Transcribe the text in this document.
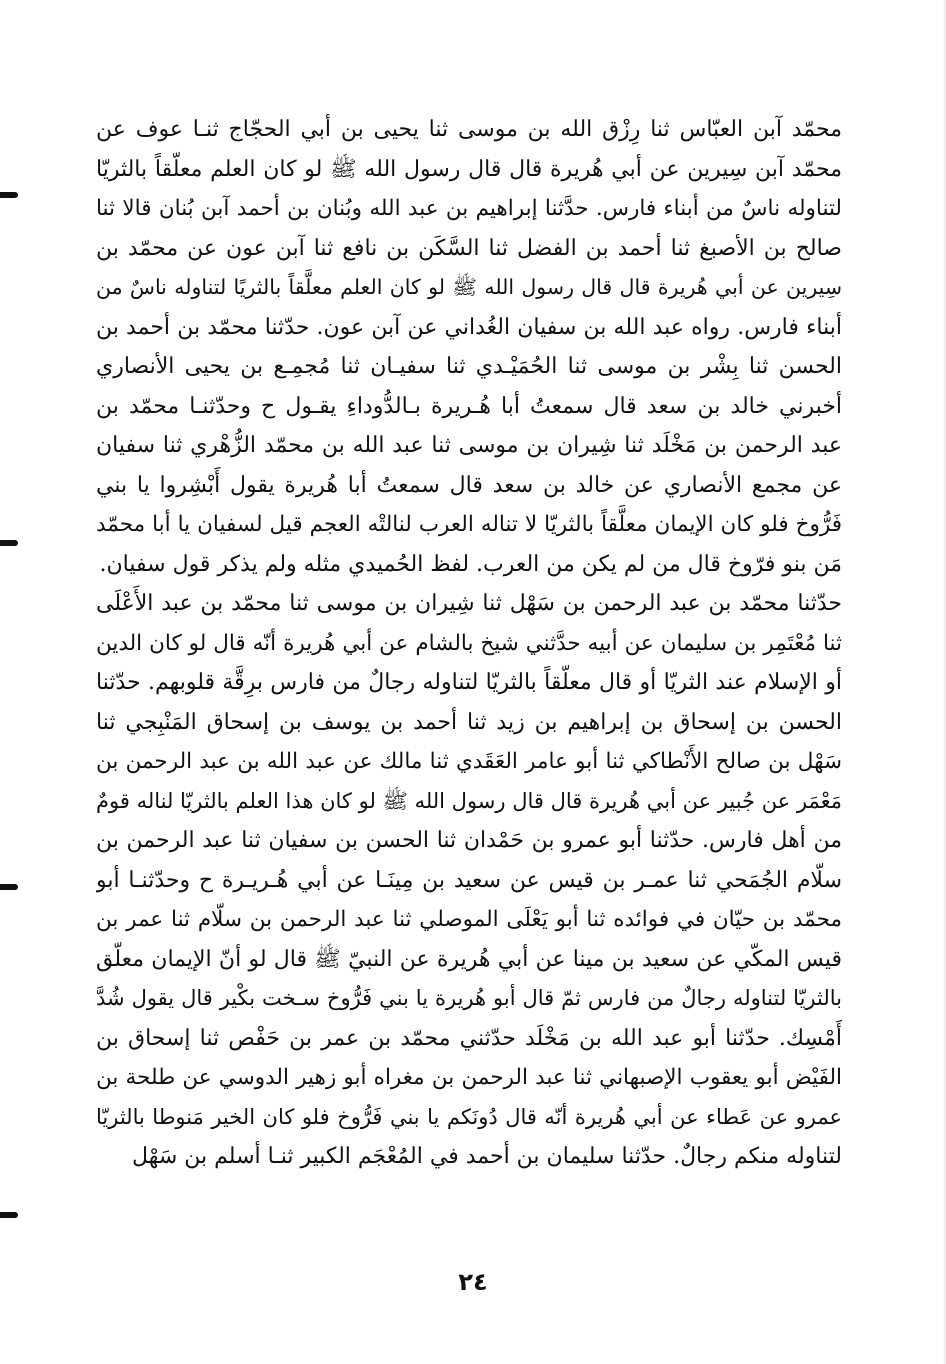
محمّد آبن العبّاس ثنا رِزْق الله بن موسى ثنا يحيى بن أبي الحجّاج ثنـا عوف عن
محمّد آبن سِيرين عن أبي هُريرة قال قال رسول الله ﷺ لو كان العلم معلّقاً بالثريّا
لتناوله ناسٌ من أبناء فارس. حدَّثنا إبراهيم بن عبد الله وبُنان بن أحمد آبن بُنان قالا ثنا
صالح بن الأصبغ ثنا أحمد بن الفضل ثنا السَّكَن بن نافع ثنا آبن عون عن محمّد بن
سِيرين عن أبي هُريرة قال قال رسول الله ﷺ لو كان العلم معلَّقاً بالثريًا لتناوله ناسٌ من
أبناء فارس. رواه عبد الله بن سفيان الغُداني عن آبن عون. حدّثنا محمّد بن أحمد بن
الحسن ثنا بِشْر بن موسى ثنا الحُمَيْـدي ثنا سفيـان ثنا مُجمِـع بن يحيى الأنصاري
أخبرني خالد بن سعد قال سمعتُ أبا هُـريرة بـالدُّوداءِ يقـول ح وحدّثنـا محمّد بن
عبد الرحمن بن مَخْلَد ثنا شِيران بن موسى ثنا عبد الله بن محمّد الزُّهْري ثنا سفيان
عن مجمع الأنصاري عن خالد بن سعد قال سمعتُ أبا هُريرة يقول أَبْشِروا يا بني
فَرُّوخ فلو كان الإيمان معلَّقاً بالثريّا لا تناله العرب لنالتْه العجم قيل لسفيان يا أبا محمّد
مَن بنو فرّوخ قال من لم يكن من العرب. لفظ الحُميدي مثله ولم يذكر قول سفيان.
حدّثنا محمّد بن عبد الرحمن بن سَهْل ثنا شِيران بن موسى ثنا محمّد بن عبد الأَعْلَى
ثنا مُعْتَمِر بن سليمان عن أبيه حدَّثني شيخ بالشام عن أبي هُريرة أنّه قال لو كان الدين
أو الإسلام عند الثريّا أو قال معلّقاً بالثريّا لتناوله رجالٌ من فارس برِقَّة قلوبهم. حدّثنا
الحسن بن إسحاق بن إبراهيم بن زيد ثنا أحمد بن يوسف بن إسحاق المَنْبِجي ثنا
سَهْل بن صالح الأَنْطاكي ثنا أبو عامر العَقَدي ثنا مالك عن عبد الله بن عبد الرحمن بن
مَعْمَر عن جُبير عن أبي هُريرة قال قال رسول الله ﷺ لو كان هذا العلم بالثريّا لناله قومٌ
من أهل فارس. حدّثنا أبو عمرو بن حَمْدان ثنا الحسن بن سفيان ثنا عبد الرحمن بن
سلّام الجُمَحي ثنا عمـر بن قيس عن سعيد بن مِينَـا عن أبي هُـريـرة ح وحدّثنـا أبو
محمّد بن حيّان في فوائده ثنا أبو يَعْلَى الموصلي ثنا عبد الرحمن بن سلّام ثنا عمر بن
قيس المكّي عن سعيد بن مينا عن أبي هُريرة عن النبيّ ﷺ قال لو أنّ الإيمان معلّق
بالثريّا لتناوله رجالٌ من فارس ثمّ قال أبو هُريرة يا بني فَرُّوخ سـخت بكْير قال يقول شُدَّ
أَمْسِك. حدّثنا أبو عبد الله بن مَخْلَد حدّثني محمّد بن عمر بن حَفْص ثنا إسحاق بن
الفَيْض أبو يعقوب الإصبهاني ثنا عبد الرحمن بن مغراه أبو زهير الدوسي عن طلحة بن
عمرو عن عَطاء عن أبي هُريرة أنّه قال دُونَكم يا بني فَرُّوخ فلو كان الخير مَنوطا بالثريّا
لتناوله منكم رجالٌ. حدّثنا سليمان بن أحمد في المُعْجَم الكبير ثنـا أسلم بن سَهْل
٢٤
